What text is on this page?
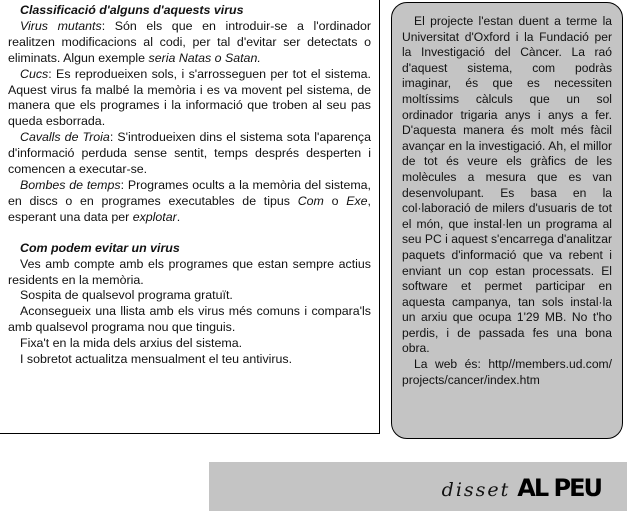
Classificació d'alguns d'aquests virus

Virus mutants: Són els que en introduir-se a l'ordinador realitzen modificacions al codi, per tal d'evitar ser detectats o eliminats. Algun exemple seria Natas o Satan.

Cucs: Es reprodueixen sols, i s'arrosseguen per tot el sistema. Aquest virus fa malbé la memòria i es va movent pel sistema, de manera que els programes i la informació que troben al seu pas queda esborrada.

Cavalls de Troia: S'introdueixen dins el sistema sota l'aparença d'informació perduda sense sentit, temps després desperten i comencen a executar-se.

Bombes de temps: Programes ocults a la memòria del sistema, en discs o en programes executables de tipus Com o Exe, esperant una data per explotar.

Com podem evitar un virus

Ves amb compte amb els programes que estan sempre actius residents en la memòria.

Sospita de qualsevol programa gratuït.

Aconsegueix una llista amb els virus més comuns i compara'ls amb qualsevol programa nou que tinguis.

Fixa't en la mida dels arxius del sistema.

I sobretot actualitza mensualment el teu antivirus.

El projecte l'estan duent a terme la Universitat d'Oxford i la Fundació per la Investigació del Càncer. La raó d'aquest sistema, com podràs imaginar, és que es necessiten moltíssims càlculs que un sol ordinador trigaria anys i anys a fer. D'aquesta manera és molt més fàcil avançar en la investigació. Ah, el millor de tot és veure els gràfics de les molècules a mesura que es van desenvolupant. Es basa en la col·laboració de milers d'usuaris de tot el món, que instal·len un programa al seu PC i aquest s'encarrega d'analitzar paquets d'informació que va rebent i enviant un cop estan processats. El software et permet participar en aquesta campanya, tan sols instal·la un arxiu que ocupa 1'29 MB. No t'ho perdis, i de passada fes una bona obra.

La web és: http//members.ud.com/ projects/cancer/index.htm

disset AL PEU
